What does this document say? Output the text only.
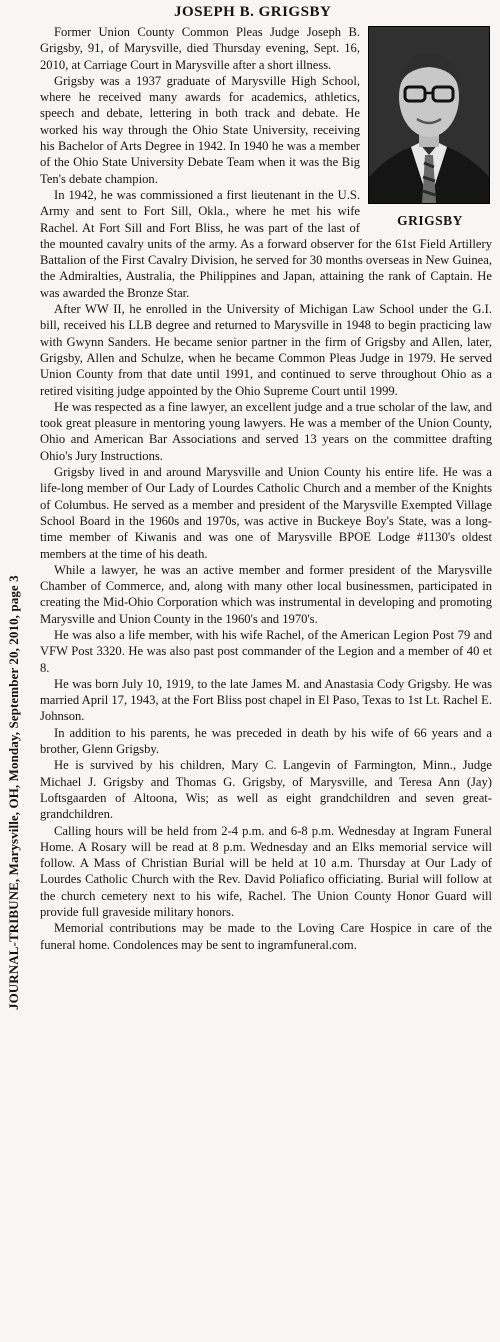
JOURNAL-TRIBUNE, Marysville, OH, Monday, September 20, 2010, page 3
JOSEPH B. GRIGSBY
GRIGSBY

Former Union County Common Pleas Judge Joseph B. Grigsby, 91, of Marysville, died Thursday evening, Sept. 16, 2010, at Carriage Court in Marysville after a short illness.

Grigsby was a 1937 graduate of Marysville High School, where he received many awards for academics, athletics, speech and debate, lettering in both track and debate. He worked his way through the Ohio State University, receiving his Bachelor of Arts Degree in 1942. In 1940 he was a member of the Ohio State University Debate Team when it was the Big Ten's debate champion.

In 1942, he was commissioned a first lieutenant in the U.S. Army and sent to Fort Sill, Okla., where he met his wife Rachel. At Fort Sill and Fort Bliss, he was part of the last of the mounted cavalry units of the army. As a forward observer for the 61st Field Artillery Battalion of the First Cavalry Division, he served for 30 months overseas in New Guinea, the Admiralties, Australia, the Philippines and Japan, attaining the rank of Captain. He was awarded the Bronze Star.

After WW II, he enrolled in the University of Michigan Law School under the G.I. bill, received his LLB degree and returned to Marysville in 1948 to begin practicing law with Gwynn Sanders. He became senior partner in the firm of Grigsby and Allen, later, Grigsby, Allen and Schulze, when he became Common Pleas Judge in 1979. He served Union County from that date until 1991, and continued to serve throughout Ohio as a retired visiting judge appointed by the Ohio Supreme Court until 1999.

He was respected as a fine lawyer, an excellent judge and a true scholar of the law, and took great pleasure in mentoring young lawyers. He was a member of the Union County, Ohio and American Bar Associations and served 13 years on the committee drafting Ohio's Jury Instructions.

Grigsby lived in and around Marysville and Union County his entire life. He was a life-long member of Our Lady of Lourdes Catholic Church and a member of the Knights of Columbus. He served as a member and president of the Marysville Exempted Village School Board in the 1960s and 1970s, was active in Buckeye Boy's State, was a long-time member of Kiwanis and was one of Marysville BPOE Lodge #1130's oldest members at the time of his death.

While a lawyer, he was an active member and former president of the Marysville Chamber of Commerce, and, along with many other local businessmen, participated in creating the Mid-Ohio Corporation which was instrumental in developing and promoting Marysville and Union County in the 1960's and 1970's.

He was also a life member, with his wife Rachel, of the American Legion Post 79 and VFW Post 3320. He was also past post commander of the Legion and a member of 40 et 8.

He was born July 10, 1919, to the late James M. and Anastasia Cody Grigsby. He was married April 17, 1943, at the Fort Bliss post chapel in El Paso, Texas to 1st Lt. Rachel E. Johnson.

In addition to his parents, he was preceded in death by his wife of 66 years and a brother, Glenn Grigsby.

He is survived by his children, Mary C. Langevin of Farmington, Minn., Judge Michael J. Grigsby and Thomas G. Grigsby, of Marysville, and Teresa Ann (Jay) Loftsgaarden of Altoona, Wis; as well as eight grandchildren and seven great-grandchildren.

Calling hours will be held from 2-4 p.m. and 6-8 p.m. Wednesday at Ingram Funeral Home. A Rosary will be read at 8 p.m. Wednesday and an Elks memorial service will follow. A Mass of Christian Burial will be held at 10 a.m. Thursday at Our Lady of Lourdes Catholic Church with the Rev. David Poliafico officiating. Burial will follow at the church cemetery next to his wife, Rachel. The Union County Honor Guard will provide full graveside military honors.

Memorial contributions may be made to the Loving Care Hospice in care of the funeral home. Condolences may be sent to ingramfuneral.com.
